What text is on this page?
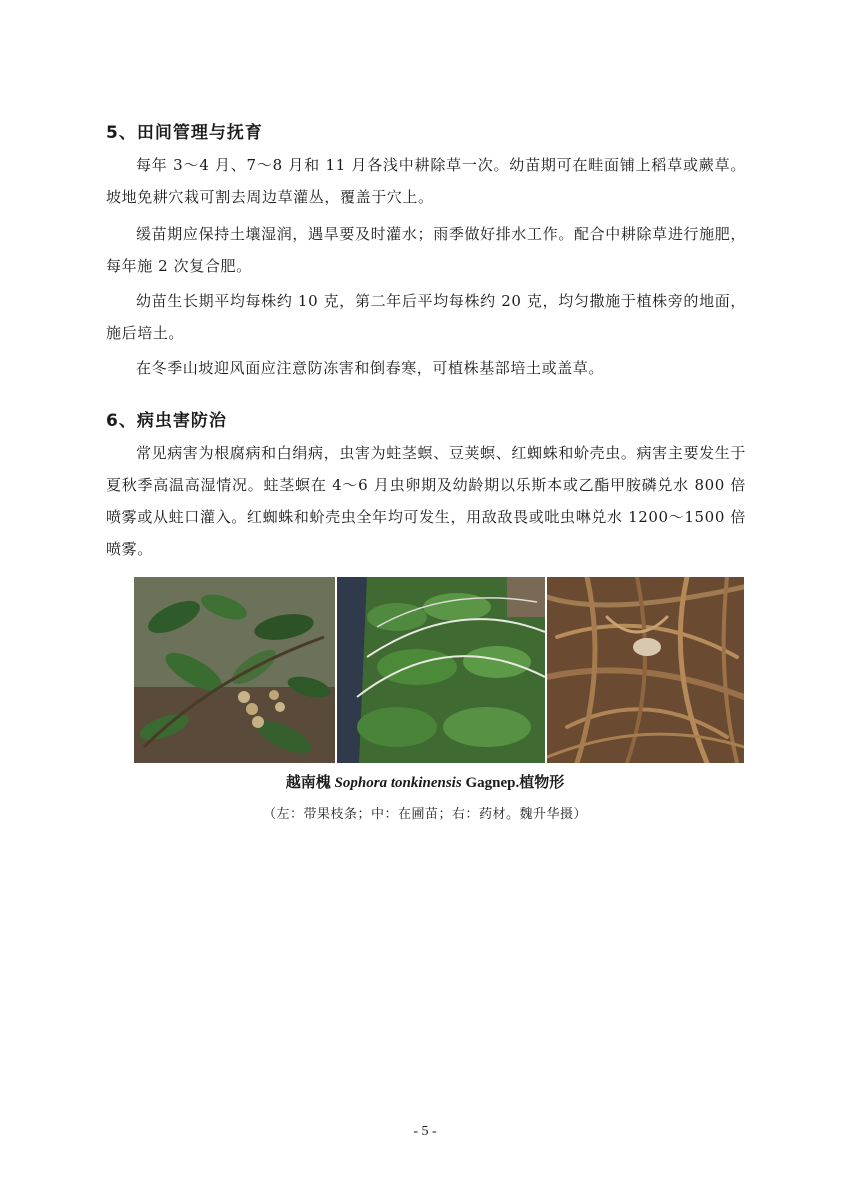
5、田间管理与抚育
每年 3～4 月、7～8 月和 11 月各浅中耕除草一次。幼苗期可在畦面铺上稻草或蕨草。坡地免耕穴栽可割去周边草灌丛，覆盖于穴上。
缓苗期应保持土壤湿润，遇旱要及时灌水；雨季做好排水工作。配合中耕除草进行施肥，每年施 2 次复合肥。
幼苗生长期平均每株约 10 克，第二年后平均每株约 20 克，均匀撒施于植株旁的地面，施后培土。
在冬季山坡迎风面应注意防冻害和倒春寒，可植株基部培土或盖草。
6、病虫害防治
常见病害为根腐病和白绢病，虫害为蛀茎螟、豆荚螟、红蜘蛛和蚧壳虫。病害主要发生于夏秋季高温高湿情况。蛀茎螟在 4～6 月虫卵期及幼龄期以乐斯本或乙酯甲胺磷兑水 800 倍喷雾或从蛀口灌入。红蜘蛛和蚧壳虫全年均可发生，用敌敌畏或吡虫啉兑水 1200～1500 倍喷雾。
越南槐 Sophora tonkinensis Gagnep.植物形
（左：带果枝条；中：在圃苗；右：药材。魏升华摄）
- 5 -
